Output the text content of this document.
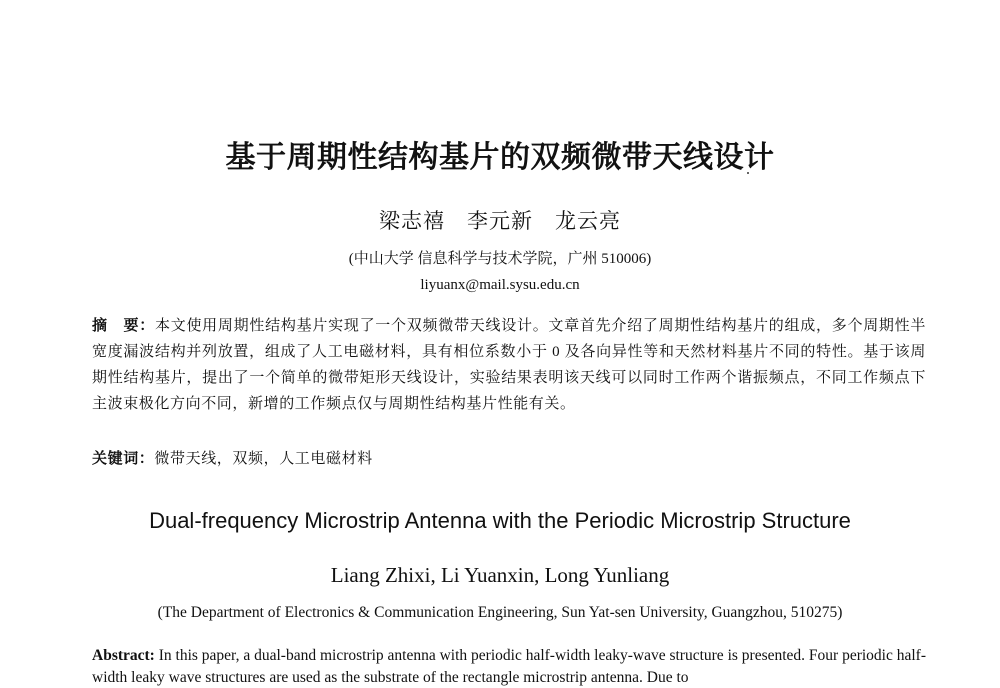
基于周期性结构基片的双频微带天线设计
梁志禧　李元新　龙云亮
(中山大学 信息科学与技术学院，广州 510006)
liyuanx@mail.sysu.edu.cn
摘　要：本文使用周期性结构基片实现了一个双频微带天线设计。文章首先介绍了周期性结构基片的组成，多个周期性半宽度漏波结构并列放置，组成了人工电磁材料，具有相位系数小于 0 及各向异性等和天然材料基片不同的特性。基于该周期性结构基片，提出了一个简单的微带矩形天线设计，实验结果表明该天线可以同时工作两个谐振频点，不同工作频点下主波束极化方向不同，新增的工作频点仅与周期性结构基片性能有关。
关键词：微带天线，双频，人工电磁材料
Dual-frequency Microstrip Antenna with the Periodic Microstrip Structure
Liang Zhixi, Li Yuanxin, Long Yunliang
(The Department of Electronics & Communication Engineering, Sun Yat-sen University, Guangzhou, 510275)
Abstract: In this paper, a dual-band microstrip antenna with periodic half-width leaky-wave structure is presented. Four periodic half-width leaky wave structures are used as the substrate of the rectangle microstrip antenna. Due to
